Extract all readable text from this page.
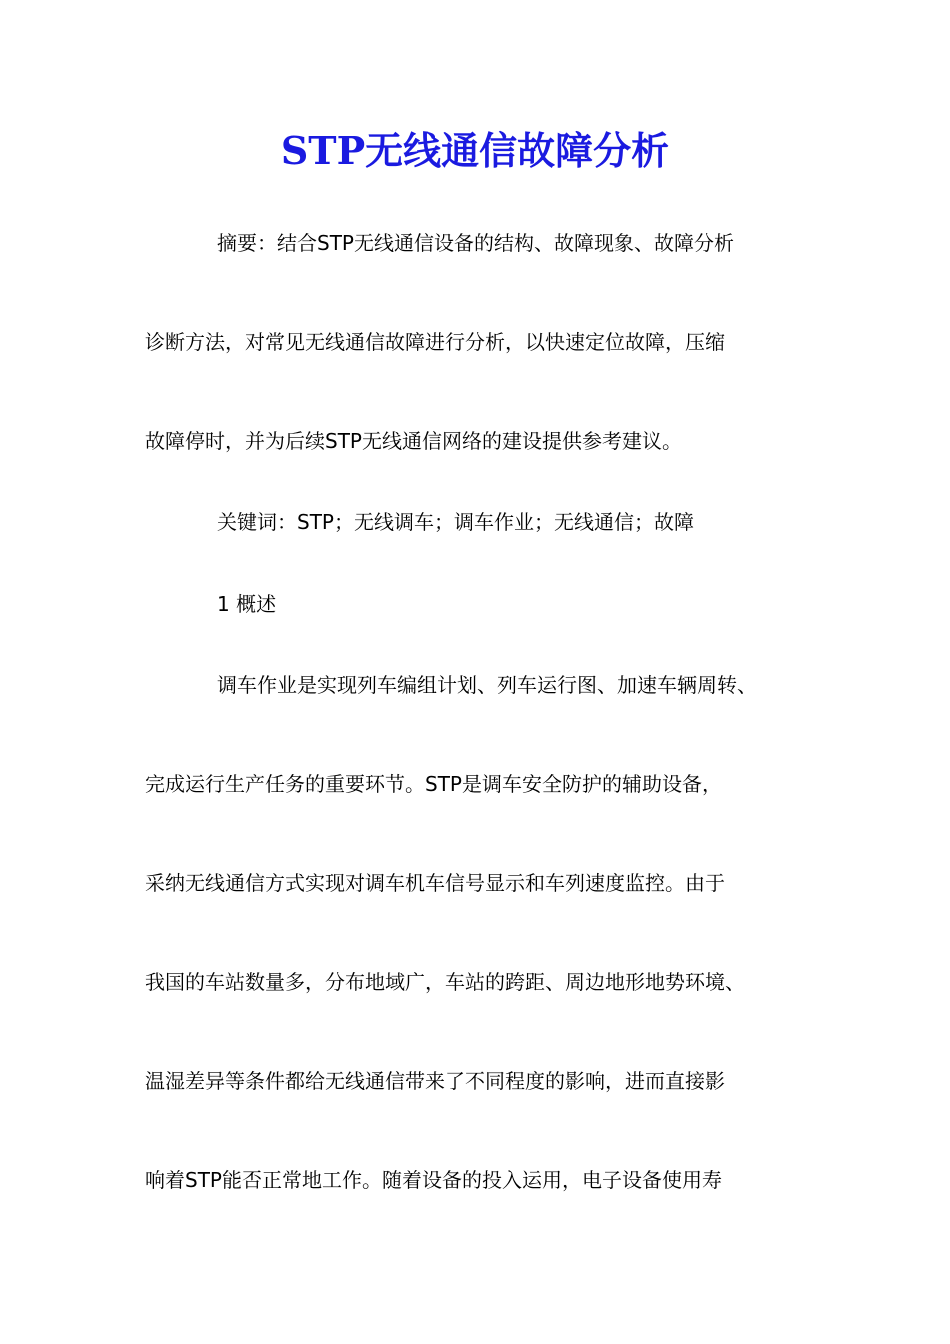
STP无线通信故障分析
摘要：结合STP无线通信设备的结构、故障现象、故障分析
诊断方法，对常见无线通信故障进行分析，以快速定位故障，压缩
故障停时，并为后续STP无线通信网络的建设提供参考建议。
关键词：STP；无线调车；调车作业；无线通信；故障
1 概述
调车作业是实现列车编组计划、列车运行图、加速车辆周转、
完成运行生产任务的重要环节。STP是调车安全防护的辅助设备，
采纳无线通信方式实现对调车机车信号显示和车列速度监控。由于
我国的车站数量多，分布地域广，车站的跨距、周边地形地势环境、
温湿差异等条件都给无线通信带来了不同程度的影响，进而直接影
响着STP能否正常地工作。随着设备的投入运用，电子设备使用寿
